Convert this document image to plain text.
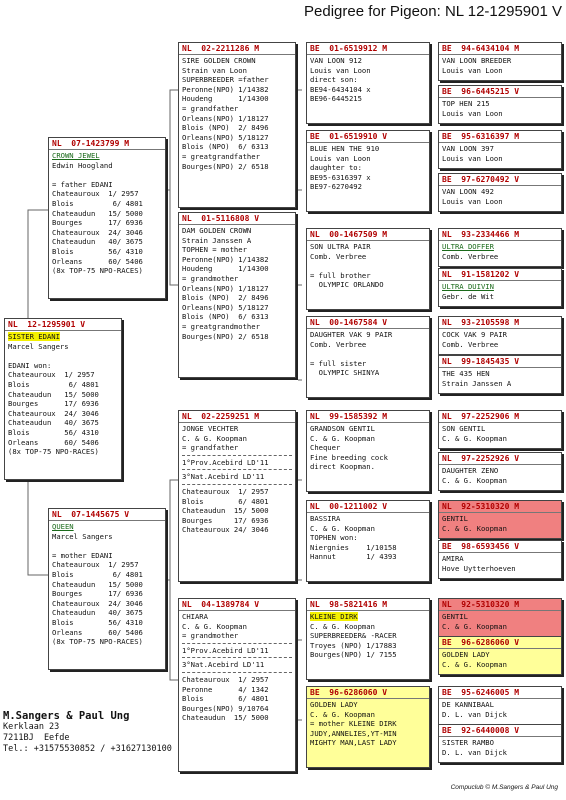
Pedigree for Pigeon: NL 12-1295901 V
NL  12-1295901 V
SISTER EDANI
Marcel Sangers
EDANI won:
Chateauroux  1/ 2957
Blois         6/ 4801
Chateaudun   15/ 5000
Bourges      17/ 6936
Chateauroux  24/ 3046
Chateaudun   40/ 3675
Blois        56/ 4310
Orleans      60/ 5406
(8x TOP-75 NPO-RACES)
NL  07-1423799 M
CROWN JEWEL
Edwin Hoogland
= father EDANI
Chateauroux  1/ 2957
Blois         6/ 4801
Chateaudun   15/ 5000
Bourges      17/ 6936
Chateauroux  24/ 3046
Chateaudun   40/ 3675
Blois        56/ 4310
Orleans      60/ 5406
(8x TOP-75 NPO-RACES)
NL  07-1445675 V
QUEEN
Marcel Sangers
= mother EDANI
Chateauroux  1/ 2957
Blois         6/ 4801
Chateaudun   15/ 5000
Bourges      17/ 6936
Chateauroux  24/ 3046
Chateaudun   40/ 3675
Blois        56/ 4310
Orleans      60/ 5406
(8x TOP-75 NPO-RACES)
NL  02-2211286 M
SIRE GOLDEN CROWN
Strain van Loon
SUPERBREEDER =father
Peronne(NPO) 1/14382
Houdeng      1/14300
= grandfather
Orleans(NPO) 1/18127
Blois (NPO)  2/ 8496
Orleans(NPO) 5/18127
Blois (NPO)  6/ 6313
= greatgrandfather
Bourges(NPO) 2/ 6518
NL  01-5116808 V
DAM GOLDEN CROWN
Strain Janssen A
TOPHEN = mother
Peronne(NPO) 1/14382
Houdeng      1/14300
= grandmother
Orleans(NPO) 1/18127
Blois (NPO)  2/ 8496
Orleans(NPO) 5/18127
Blois (NPO)  6/ 6313
= greatgrandmother
Bourges(NPO) 2/ 6518
NL  02-2259251 M
JONGE VECHTER
C. & G. Koopman
= grandfather
1°Prov.Acebird LD'11
3°Nat.Acebird LD'11
Chateauroux  1/ 2957
Blois        6/ 4801
Chateaudun  15/ 5000
Bourges     17/ 6936
Chateauroux 24/ 3046
NL  04-1389784 V
CHIARA
C. & G. Koopman
= grandmother
1°Prov.Acebird LD'11
3°Nat.Acebird LD'11
Chateauroux  1/ 2957
Peronne      4/ 1342
Blois        6/ 4801
Bourges(NPO) 9/10764
Chateaudun  15/ 5000
BE  01-6519912 M
VAN LOON 912
Louis van Loon
direct son:
BE94-6434104 x
BE96-6445215
BE  01-6519910 V
BLUE HEN THE 910
Louis van Loon
daughter to:
BE95-6316397 x
BE97-6270492
NL  00-1467509 M
SON ULTRA PAIR
Comb. Verbree
= full brother
OLYMPIC ORLANDO
NL  00-1467584 V
DAUGHTER VAK 9 PAIR
Comb. Verbree
= full sister
OLYMPIC SHINYA
NL  99-1585392 M
GRANDSON GENTIL
C. & G. Koopman
Chequer
Fine breeding cock
direct Koopman.
NL  00-1211002 V
BASSIRA
C. & G. Koopman
TOPHEN won:
Niergnies    1/10158
Hannut       1/ 4393
NL  98-5821416 M
KLEINE DIRK
C. & G. Koopman
SUPERBREEDER& -RACER
Troyes (NPO) 1/17883
Bourges(NPO) 1/ 7155
BE  96-6286060 V
GOLDEN LADY
C. & G. Koopman
= mother KLEINE DIRK
JUDY,ANNELIES,YT-MIN
MIGHTY MAN,LAST LADY
BE  94-6434104 M
VAN LOON BREEDER
Louis van Loon
BE  96-6445215 V
TOP HEN 215
Louis van Loon
BE  95-6316397 M
VAN LOON 397
Louis van Loon
BE  97-6270492 V
VAN LOON 492
Louis van Loon
NL  93-2334466 M
ULTRA DOFFER
Comb. Verbree
NL  91-1581202 V
ULTRA DUIVIN
Gebr. de Wit
NL  93-2105598 M
COCK VAK 9 PAIR
Comb. Verbree
NL  99-1845435 V
THE 435 HEN
Strain Janssen A
NL  97-2252906 M
SON GENTIL
C. & G. Koopman
NL  97-2252926 V
DAUGHTER ZENO
C. & G. Koopman
NL  92-5310320 M
GENTIL
C. & G. Koopman
BE  98-6593456 V
AMIRA
Hove Uytterhoeven
NL  92-5310320 M
GENTIL
C. & G. Koopman
BE  96-6286060 V
GOLDEN LADY
C. & G. Koopman
BE  95-6246005 M
DE KANNIBAAL
D. L. van Dijck
BE  92-6440008 V
SISTER RAMBO
D. L. van Dijck
M.Sangers & Paul Ung
Kerklaan 23
7211BJ  Eefde
Tel.: +31575530852 / +31627130100
Compuclub © M.Sangers & Paul Ung
